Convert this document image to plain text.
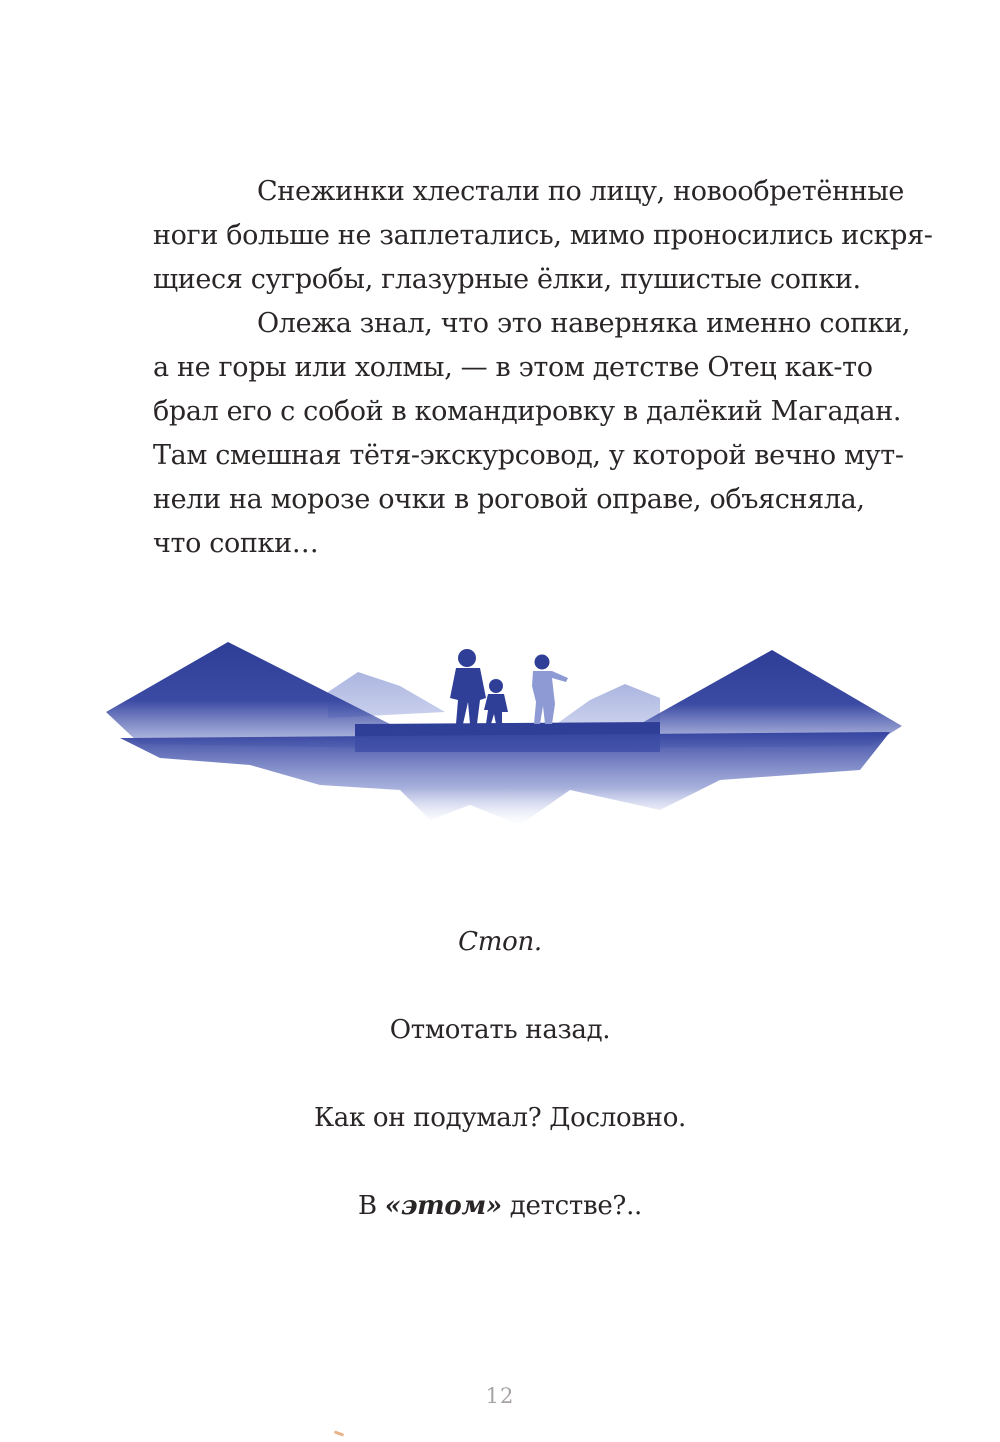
Снежинки хлестали по лицу, новообретённые
ноги больше не заплетались, мимо проносились искря-
щиеся сугробы, глазурные ёлки, пушистые сопки.
Олежа знал, что это наверняка именно сопки,
а не горы или холмы, — в этом детстве Отец как-то
брал его с собой в командировку в далёкий Магадан.
Там смешная тётя-экскурсовод, у которой вечно мут-
нели на морозе очки в роговой оправе, объясняла,
что сопки…
Стоп.
Отмотать назад.
Как он подумал? Дословно.
В «этом» детстве?..
12
